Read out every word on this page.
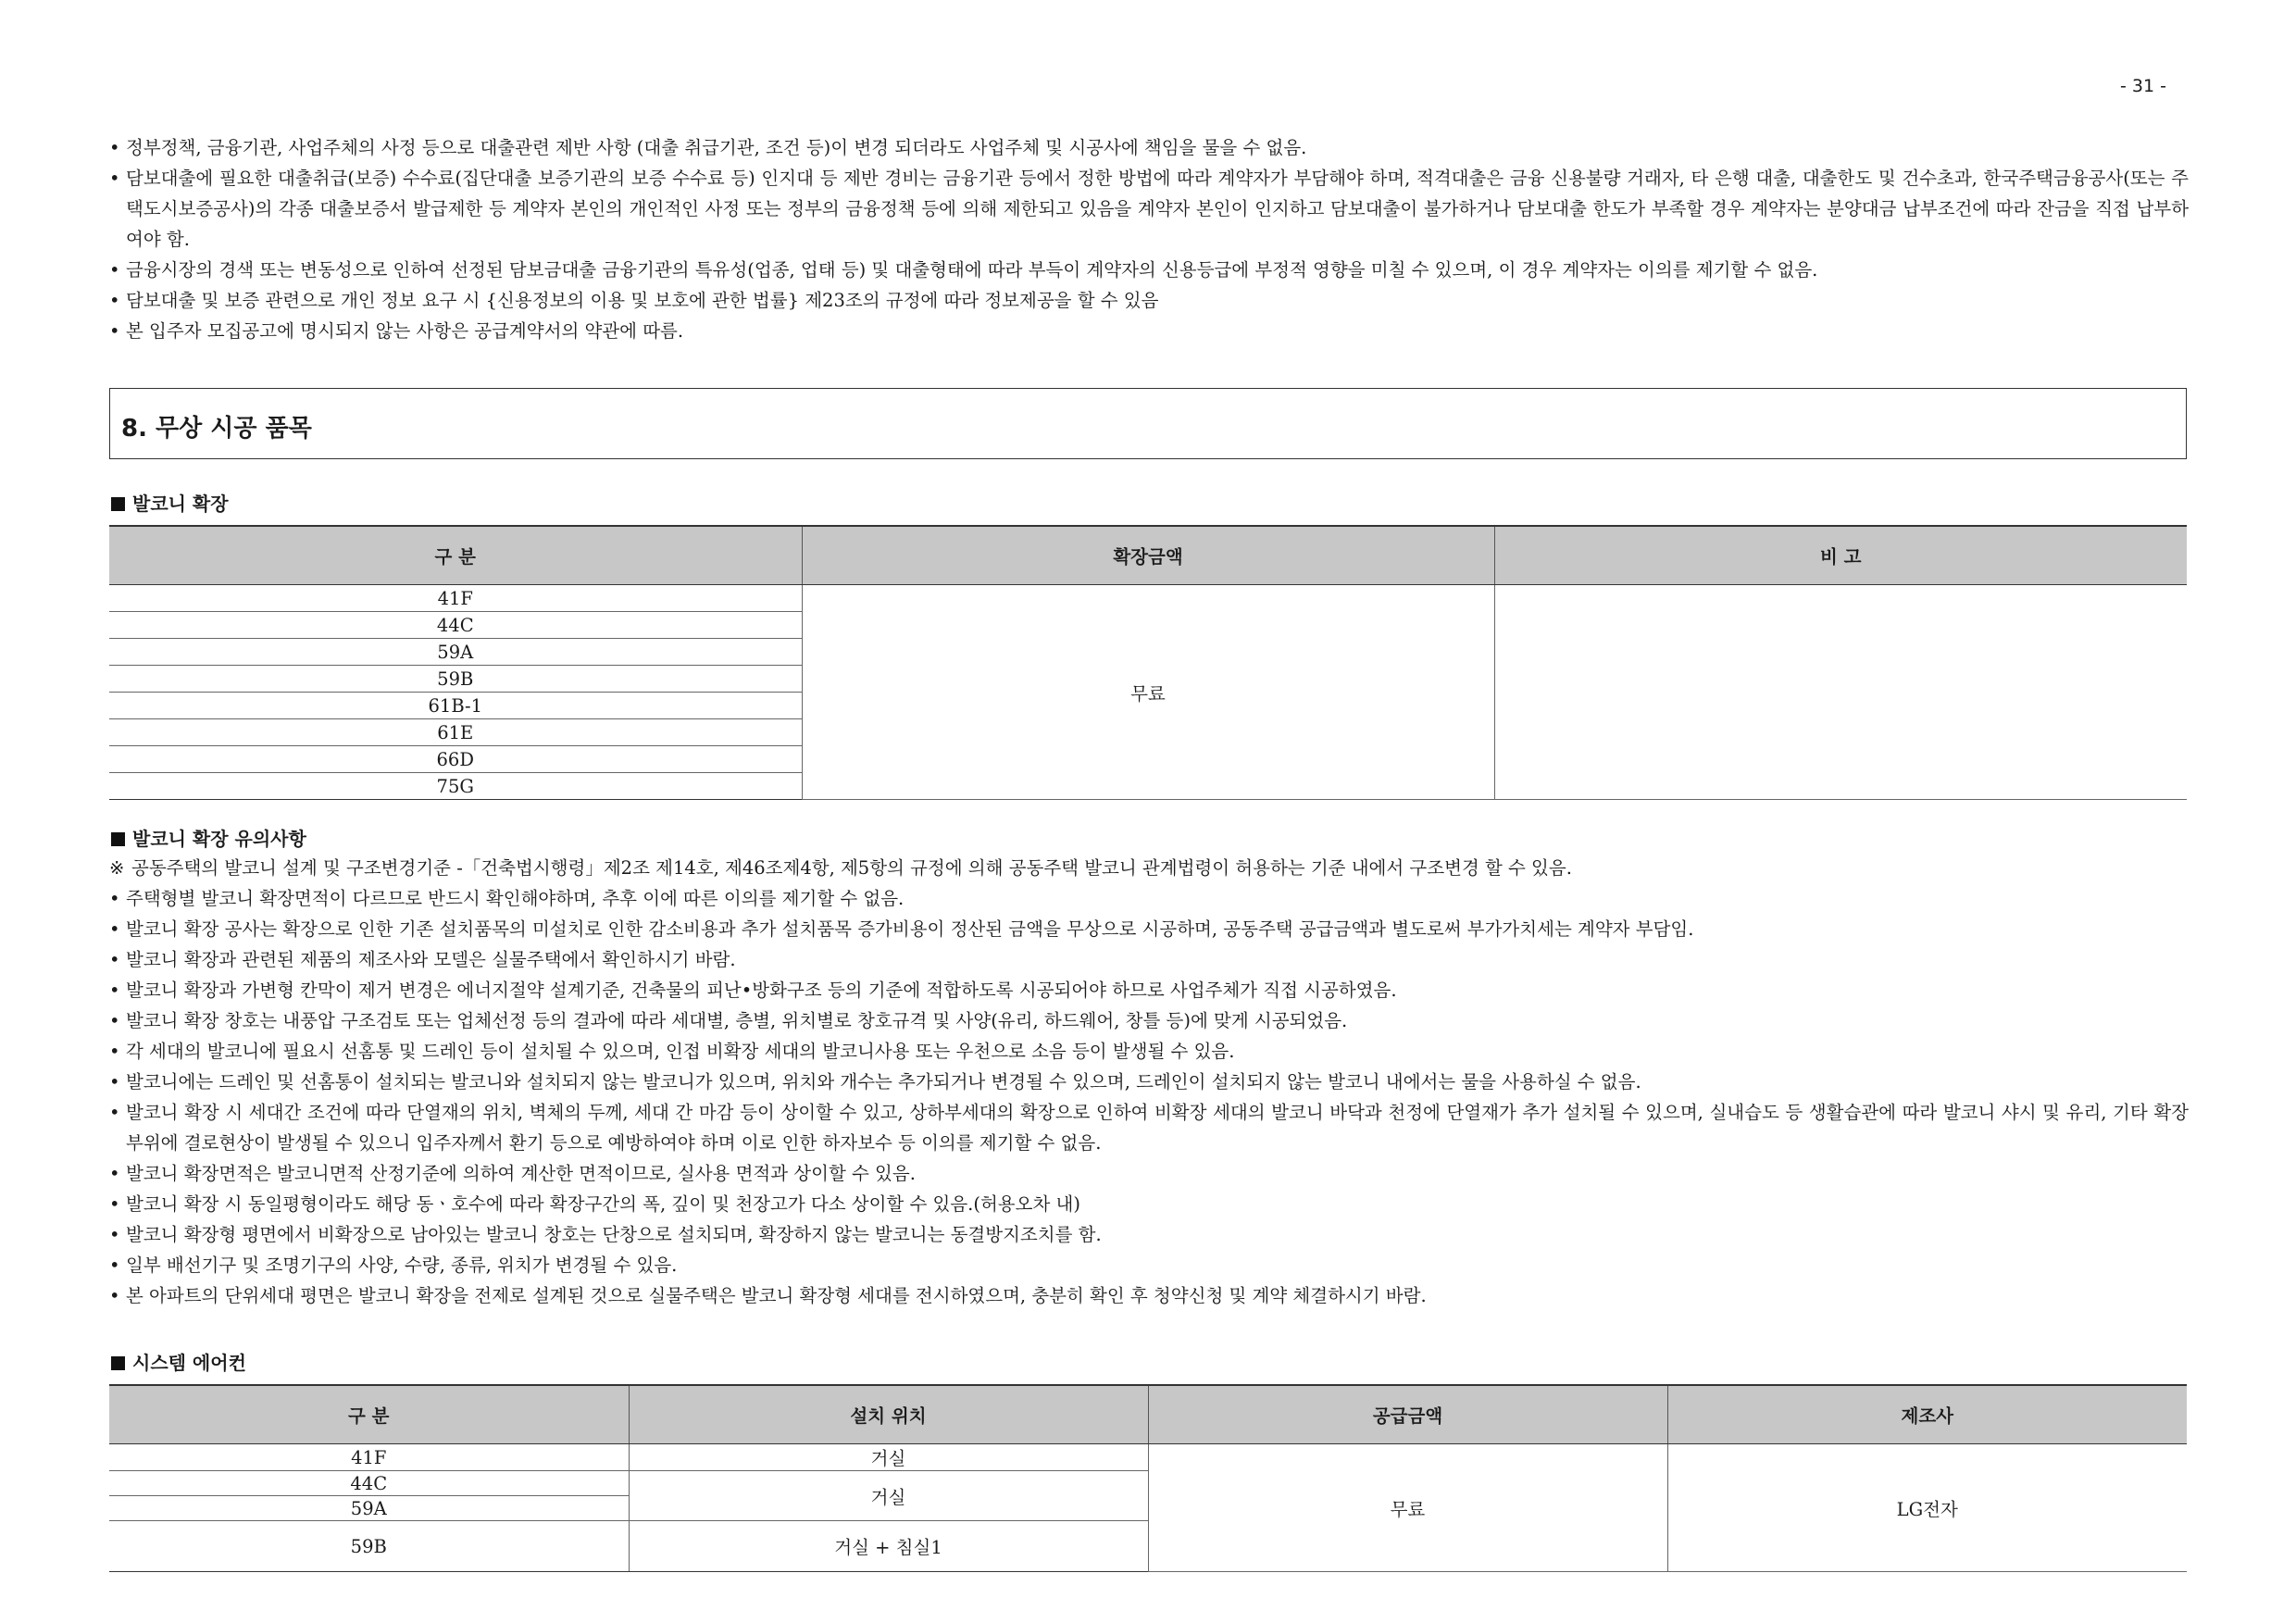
- 31 -
• 정부정책, 금융기관, 사업주체의 사정 등으로 대출관련 제반 사항 (대출 취급기관, 조건 등)이 변경 되더라도 사업주체 및 시공사에 책임을 물을 수 없음.
• 담보대출에 필요한 대출취급(보증) 수수료(집단대출 보증기관의 보증 수수료 등) 인지대 등 제반 경비는 금융기관 등에서 정한 방법에 따라 계약자가 부담해야 하며, 적격대출은 금융 신용불량 거래자, 타 은행 대출, 대출한도 및 건수초과, 한국주택금융공사(또는 주택도시보증공사)의 각종 대출보증서 발급제한 등 계약자 본인의 개인적인 사정 또는 정부의 금융정책 등에 의해 제한되고 있음을 계약자 본인이 인지하고 담보대출이 불가하거나 담보대출 한도가 부족할 경우 계약자는 분양대금 납부조건에 따라 잔금을 직접 납부하여야 함.
• 금융시장의 경색 또는 변동성으로 인하여 선정된 담보금대출 금융기관의 특유성(업종, 업태 등) 및 대출형태에 따라 부득이 계약자의 신용등급에 부정적 영향을 미칠 수 있으며, 이 경우 계약자는 이의를 제기할 수 없음.
• 담보대출 및 보증 관련으로 개인 정보 요구 시 {신용정보의 이용 및 보호에 관한 법률} 제23조의 규정에 따라 정보제공을 할 수 있음
• 본 입주자 모집공고에 명시되지 않는 사항은 공급계약서의 약관에 따름.
8. 무상 시공 품목
발코니 확장
구 분	확장금액	비 고
41F	무료	
44C		
59A		
59B		
61B-1		
61E		
66D		
75G		
발코니 확장 유의사항
※ 공동주택의 발코니 설계 및 구조변경기준 -「건축법시행령」제2조 제14호, 제46조제4항, 제5항의 규정에 의해 공동주택 발코니 관계법령이 허용하는 기준 내에서 구조변경 할 수 있음.
• 주택형별 발코니 확장면적이 다르므로 반드시 확인해야하며, 추후 이에 따른 이의를 제기할 수 없음.
• 발코니 확장 공사는 확장으로 인한 기존 설치품목의 미설치로 인한 감소비용과 추가 설치품목 증가비용이 정산된 금액을 무상으로 시공하며, 공동주택 공급금액과 별도로써 부가가치세는 계약자 부담임.
• 발코니 확장과 관련된 제품의 제조사와 모델은 실물주택에서 확인하시기 바람.
• 발코니 확장과 가변형 칸막이 제거 변경은 에너지절약 설계기준, 건축물의 피난•방화구조 등의 기준에 적합하도록 시공되어야 하므로 사업주체가 직접 시공하였음.
• 발코니 확장 창호는 내풍압 구조검토 또는 업체선정 등의 결과에 따라 세대별, 층별, 위치별로 창호규격 및 사양(유리, 하드웨어, 창틀 등)에 맞게 시공되었음.
• 각 세대의 발코니에 필요시 선홈통 및 드레인 등이 설치될 수 있으며, 인접 비확장 세대의 발코니사용 또는 우천으로 소음 등이 발생될 수 있음.
• 발코니에는 드레인 및 선홈통이 설치되는 발코니와 설치되지 않는 발코니가 있으며, 위치와 개수는 추가되거나 변경될 수 있으며, 드레인이 설치되지 않는 발코니 내에서는 물을 사용하실 수 없음.
• 발코니 확장 시 세대간 조건에 따라 단열재의 위치, 벽체의 두께, 세대 간 마감 등이 상이할 수 있고, 상하부세대의 확장으로 인하여 비확장 세대의 발코니 바닥과 천정에 단열재가 추가 설치될 수 있으며, 실내습도 등 생활습관에 따라 발코니 샤시 및 유리, 기타 확장부위에 결로현상이 발생될 수 있으니 입주자께서 환기 등으로 예방하여야 하며 이로 인한 하자보수 등 이의를 제기할 수 없음.
• 발코니 확장면적은 발코니면적 산정기준에 의하여 계산한 면적이므로, 실사용 면적과 상이할 수 있음.
• 발코니 확장 시 동일평형이라도 해당 동ㆍ호수에 따라 확장구간의 폭, 깊이 및 천장고가 다소 상이할 수 있음.(허용오차 내)
• 발코니 확장형 평면에서 비확장으로 남아있는 발코니 창호는 단창으로 설치되며, 확장하지 않는 발코니는 동결방지조치를 함.
• 일부 배선기구 및 조명기구의 사양, 수량, 종류, 위치가 변경될 수 있음.
• 본 아파트의 단위세대 평면은 발코니 확장을 전제로 설계된 것으로 실물주택은 발코니 확장형 세대를 전시하였으며, 충분히 확인 후 청약신청 및 계약 체결하시기 바람.
시스템 에어컨
구 분	설치 위치	공급금액	제조사
41F	거실	무료	LG전자
44C	거실		
59A			
59B	거실 + 침실1		
